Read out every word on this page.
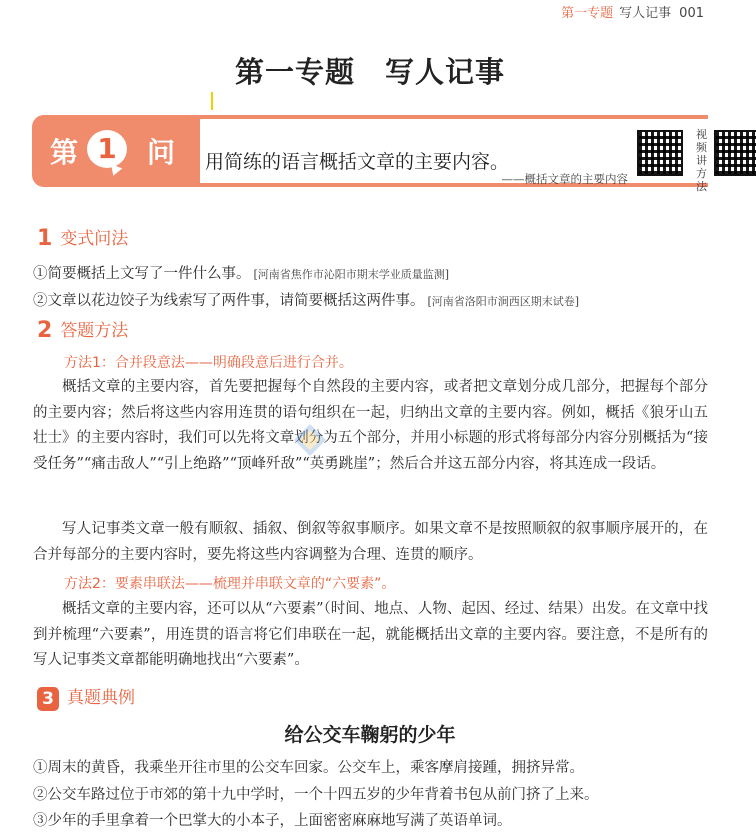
第一专题 写人记事 001
第一专题　写人记事
第 1	问 用简练的语言概括文章的主要内容。
——概括文章的主要内容
视频讲方法
1 变式问法
①简要概括上文写了一件什么事。 [河南省焦作市沁阳市期末学业质量监测]
②文章以花边饺子为线索写了两件事，请简要概括这两件事。 [河南省洛阳市涧西区期末试卷]
2 答题方法
方法1：合并段意法——明确段意后进行合并。
概括文章的主要内容，首先要把握每个自然段的主要内容，或者把文章划分成几部分，把握每个部分的主要内容；然后将这些内容用连贯的语句组织在一起，归纳出文章的主要内容。例如，概括《狼牙山五壮士》的主要内容时，我们可以先将文章划分为五个部分，并用小标题的形式将每部分内容分别概括为“接受任务”“痛击敌人”“引上绝路”“顶峰歼敌”“英勇跳崖”；然后合并这五部分内容，将其连成一段话。
写人记事类文章一般有顺叙、插叙、倒叙等叙事顺序。如果文章不是按照顺叙的叙事顺序展开的，在合并每部分的主要内容时，要先将这些内容调整为合理、连贯的顺序。
方法2：要素串联法——梳理并串联文章的“六要素”。
概括文章的主要内容，还可以从“六要素”（时间、地点、人物、起因、经过、结果）出发。在文章中找到并梳理“六要素”，用连贯的语言将它们串联在一起，就能概括出文章的主要内容。要注意，不是所有的写人记事类文章都能明确地找出“六要素”。
3 真题典例
给公交车鞠躬的少年
①周末的黄昏，我乘坐开往市里的公交车回家。公交车上，乘客摩肩接踵，拥挤异常。
②公交车路过位于市郊的第十九中学时，一个十四五岁的少年背着书包从前门挤了上来。
③少年的手里拿着一个巴掌大的小本子，上面密密麻麻地写满了英语单词。
